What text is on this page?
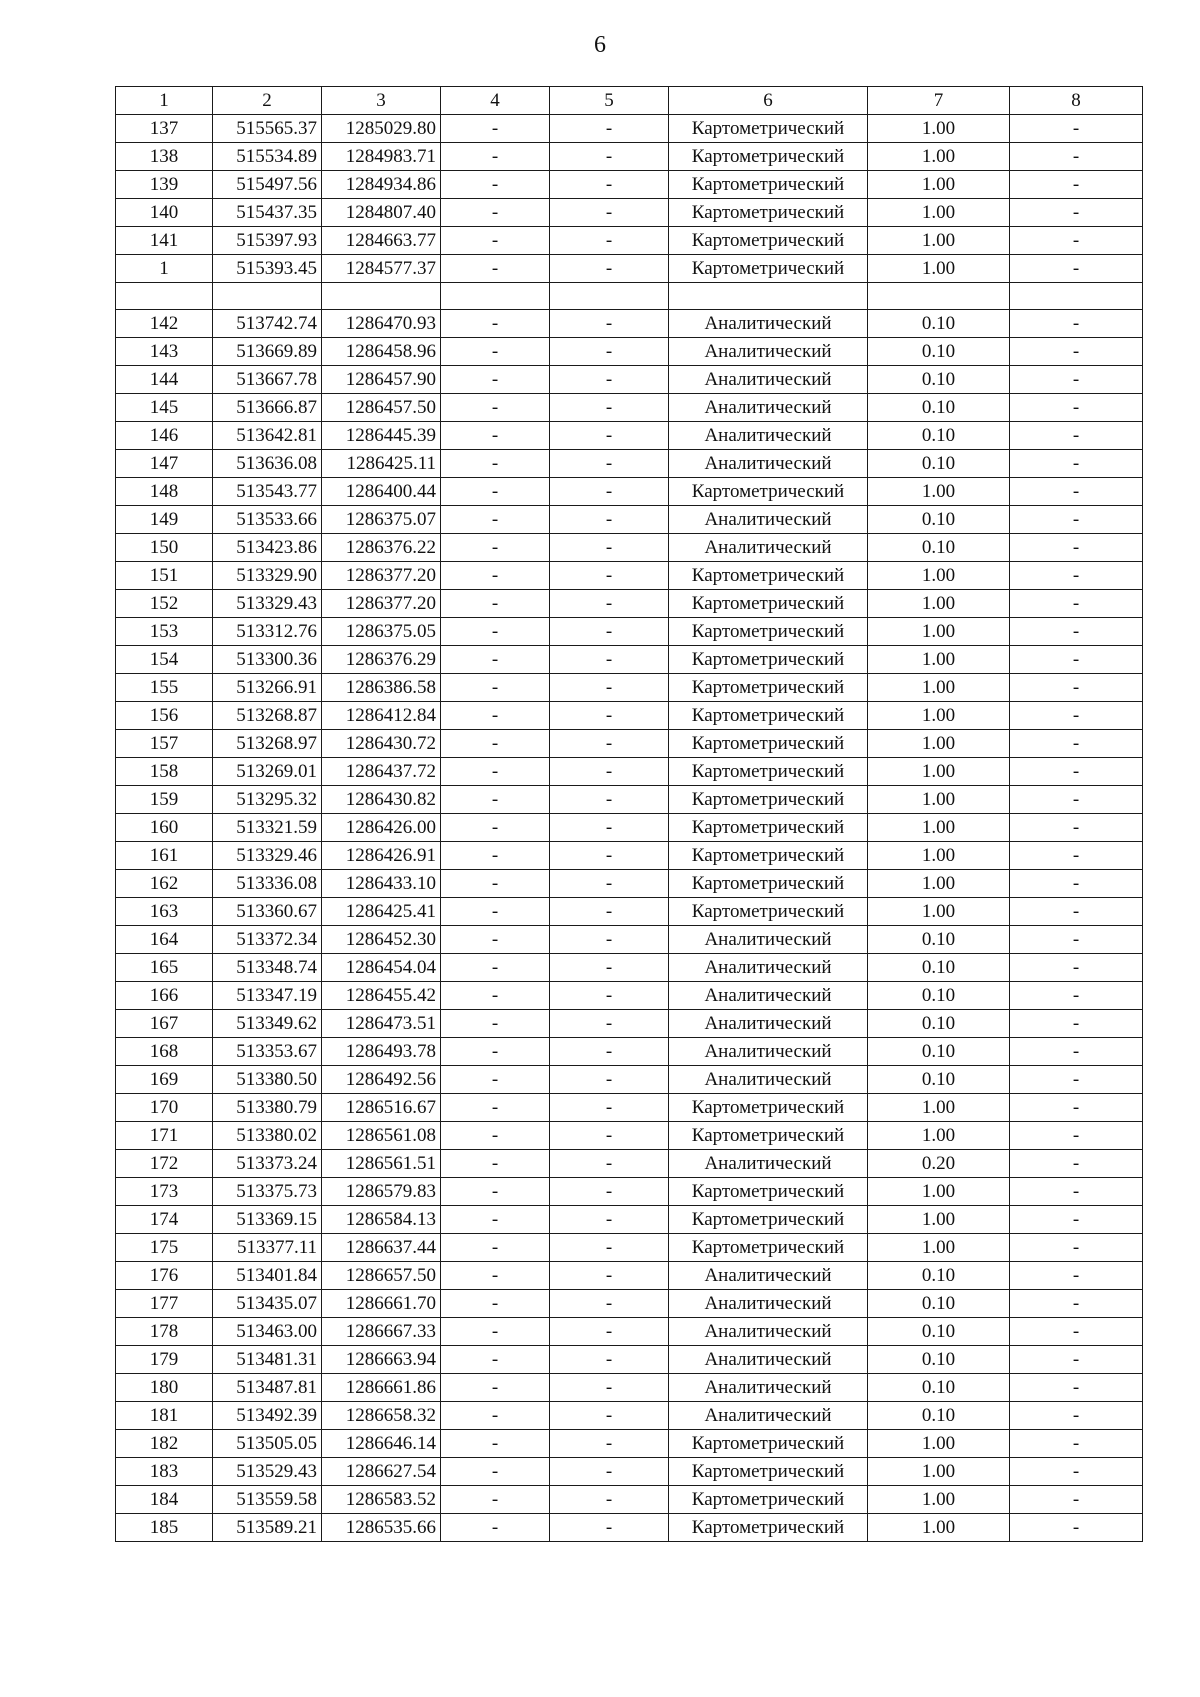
6
1	2	3	4	5	6	7	8
137	515565.37	1285029.80	-	-	Картометрический	1.00	-
138	515534.89	1284983.71	-	-	Картометрический	1.00	-
139	515497.56	1284934.86	-	-	Картометрический	1.00	-
140	515437.35	1284807.40	-	-	Картометрический	1.00	-
141	515397.93	1284663.77	-	-	Картометрический	1.00	-
1	515393.45	1284577.37	-	-	Картометрический	1.00	-

142	513742.74	1286470.93	-	-	Аналитический	0.10	-
143	513669.89	1286458.96	-	-	Аналитический	0.10	-
144	513667.78	1286457.90	-	-	Аналитический	0.10	-
145	513666.87	1286457.50	-	-	Аналитический	0.10	-
146	513642.81	1286445.39	-	-	Аналитический	0.10	-
147	513636.08	1286425.11	-	-	Аналитический	0.10	-
148	513543.77	1286400.44	-	-	Картометрический	1.00	-
149	513533.66	1286375.07	-	-	Аналитический	0.10	-
150	513423.86	1286376.22	-	-	Аналитический	0.10	-
151	513329.90	1286377.20	-	-	Картометрический	1.00	-
152	513329.43	1286377.20	-	-	Картометрический	1.00	-
153	513312.76	1286375.05	-	-	Картометрический	1.00	-
154	513300.36	1286376.29	-	-	Картометрический	1.00	-
155	513266.91	1286386.58	-	-	Картометрический	1.00	-
156	513268.87	1286412.84	-	-	Картометрический	1.00	-
157	513268.97	1286430.72	-	-	Картометрический	1.00	-
158	513269.01	1286437.72	-	-	Картометрический	1.00	-
159	513295.32	1286430.82	-	-	Картометрический	1.00	-
160	513321.59	1286426.00	-	-	Картометрический	1.00	-
161	513329.46	1286426.91	-	-	Картометрический	1.00	-
162	513336.08	1286433.10	-	-	Картометрический	1.00	-
163	513360.67	1286425.41	-	-	Картометрический	1.00	-
164	513372.34	1286452.30	-	-	Аналитический	0.10	-
165	513348.74	1286454.04	-	-	Аналитический	0.10	-
166	513347.19	1286455.42	-	-	Аналитический	0.10	-
167	513349.62	1286473.51	-	-	Аналитический	0.10	-
168	513353.67	1286493.78	-	-	Аналитический	0.10	-
169	513380.50	1286492.56	-	-	Аналитический	0.10	-
170	513380.79	1286516.67	-	-	Картометрический	1.00	-
171	513380.02	1286561.08	-	-	Картометрический	1.00	-
172	513373.24	1286561.51	-	-	Аналитический	0.20	-
173	513375.73	1286579.83	-	-	Картометрический	1.00	-
174	513369.15	1286584.13	-	-	Картометрический	1.00	-
175	513377.11	1286637.44	-	-	Картометрический	1.00	-
176	513401.84	1286657.50	-	-	Аналитический	0.10	-
177	513435.07	1286661.70	-	-	Аналитический	0.10	-
178	513463.00	1286667.33	-	-	Аналитический	0.10	-
179	513481.31	1286663.94	-	-	Аналитический	0.10	-
180	513487.81	1286661.86	-	-	Аналитический	0.10	-
181	513492.39	1286658.32	-	-	Аналитический	0.10	-
182	513505.05	1286646.14	-	-	Картометрический	1.00	-
183	513529.43	1286627.54	-	-	Картометрический	1.00	-
184	513559.58	1286583.52	-	-	Картометрический	1.00	-
185	513589.21	1286535.66	-	-	Картометрический	1.00	-
